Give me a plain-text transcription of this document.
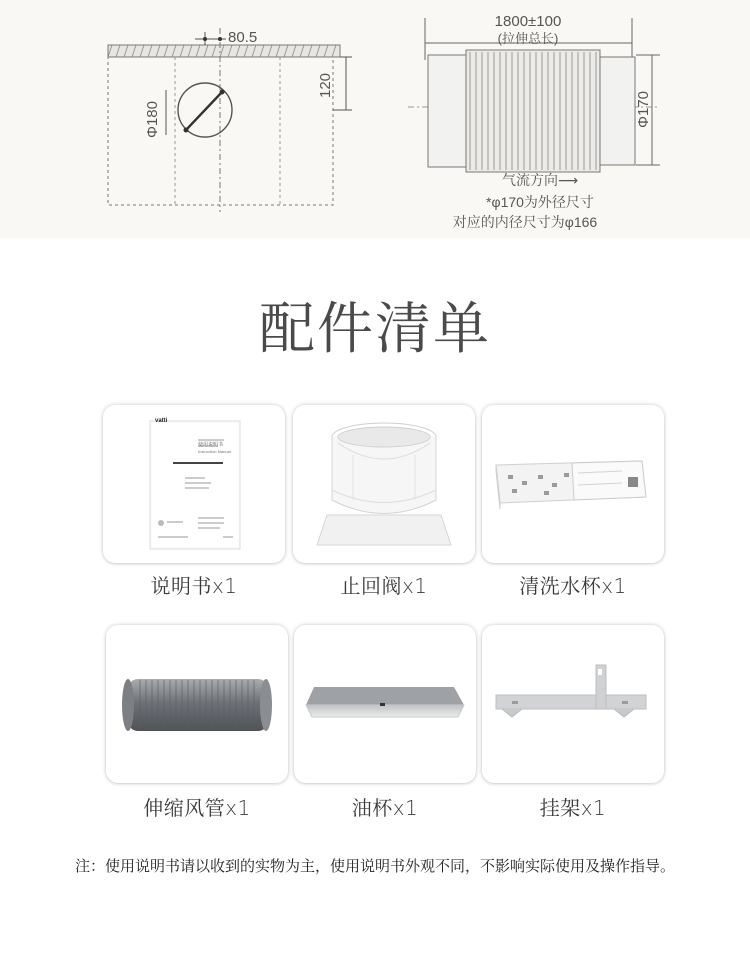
80.5
120
Φ180
1800±100
(拉伸总长)
Φ170
气流方向⟶
*φ170为外径尺寸
对应的内径尺寸为φ166
配件清单
vatti
使用说明书
Instruction Manual
说明书x1	止回阀x1	清洗水杯x1
伸缩风管x1	油杯x1	挂架x1
注：使用说明书请以收到的实物为主，使用说明书外观不同，不影响实际使用及操作指导。
